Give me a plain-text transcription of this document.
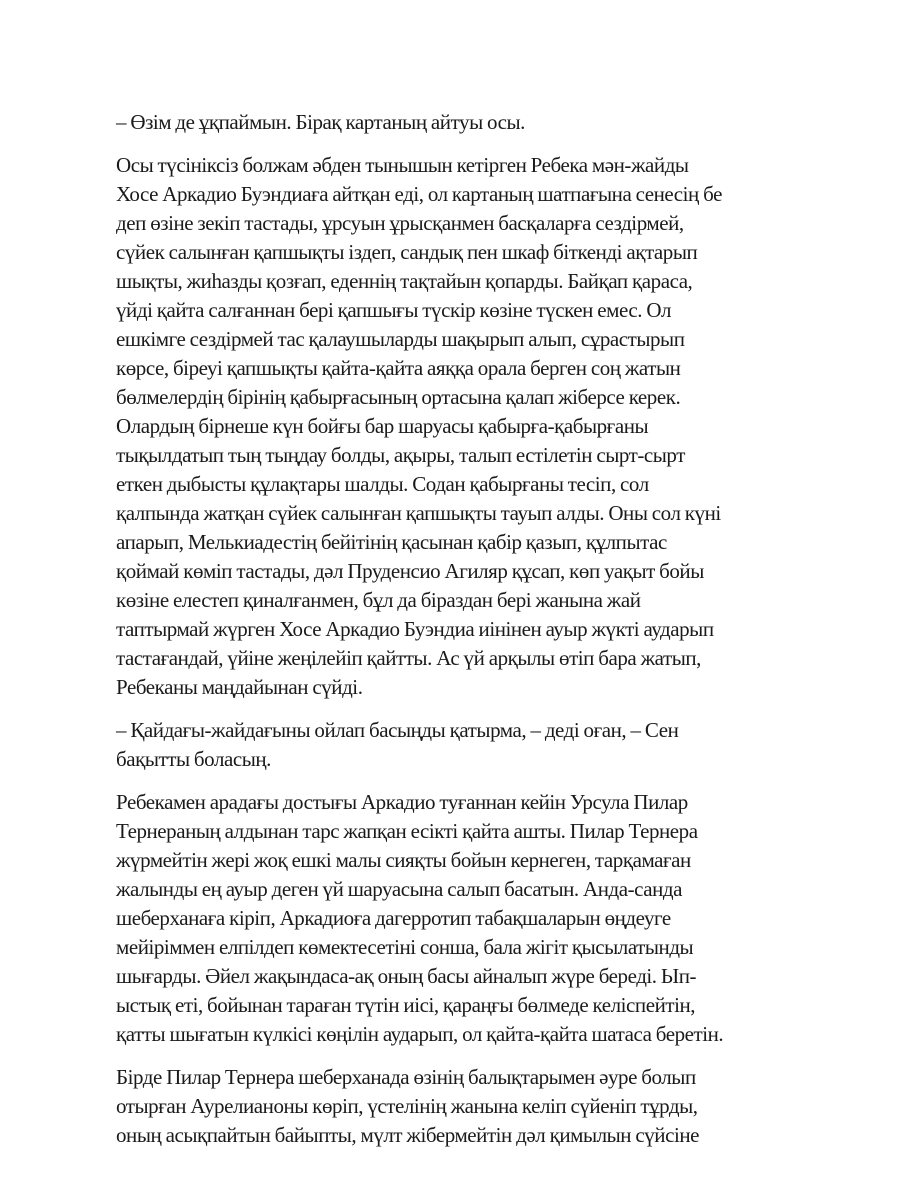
– Өзім де ұқпаймын. Бірақ картаның айтуы осы.

Осы түсініксіз болжам әбден тынышын кетірген Ребека мән-жайды
Хосе Аркадио Буэндиаға айтқан еді, ол картаның шатпағына сенесің бе
деп өзіне зекіп тастады, ұрсуын ұрысқанмен басқаларға сездірмей,
сүйек салынған қапшықты іздеп, сандық пен шкаф біткенді ақтарып
шықты, жиһазды қозғап, еденнің тақтайын қопарды. Байқап қараса,
үйді қайта салғаннан бері қапшығы түскір көзіне түскен емес. Ол
ешкімге сездірмей тас қалаушыларды шақырып алып, сұрастырып
көрсе, біреуі қапшықты қайта-қайта аяққа орала берген соң жатын
бөлмелердің бірінің қабырғасының ортасына қалап жіберсе керек.
Олардың бірнеше күн бойғы бар шаруасы қабырға-қабырғаны
тықылдатып тың тыңдау болды, ақыры, талып естілетін сырт-сырт
еткен дыбысты құлақтары шалды. Содан қабырғаны тесіп, сол
қалпында жатқан сүйек салынған қапшықты тауып алды. Оны сол күні
апарып, Мелькиадестің бейітінің қасынан қабір қазып, құлпытас
қоймай көміп тастады, дәл Пруденсио Агиляр құсап, көп уақыт бойы
көзіне елестеп қиналғанмен, бұл да біраздан бері жанына жай
таптырмай жүрген Хосе Аркадио Буэндиа иінінен ауыр жүкті аударып
тастағандай, үйіне жеңілейіп қайтты. Ас үй арқылы өтіп бара жатып,
Ребеканы маңдайынан сүйді.

– Қайдағы-жайдағыны ойлап басыңды қатырма, – деді оған, – Сен
бақытты боласың.

Ребекамен арадағы достығы Аркадио туғаннан кейін Урсула Пилар
Тернераның алдынан тарс жапқан есікті қайта ашты. Пилар Тернера
жүрмейтін жері жоқ ешкі малы сияқты бойын кернеген, тарқамаған
жалынды ең ауыр деген үй шаруасына салып басатын. Анда-санда
шеберханаға кіріп, Аркадиоға дагерротип табақшаларын өңдеуге
мейіріммен елпілдеп көмектесетіні сонша, бала жігіт қысылатынды
шығарды. Әйел жақындаса-ақ оның басы айналып жүре береді. Ып-
ыстық еті, бойынан тараған түтін иісі, қараңғы бөлмеде келіспейтін,
қатты шығатын күлкісі көңілін аударып, ол қайта-қайта шатаса беретін.

Бірде Пилар Тернера шеберханада өзінің балықтарымен әуре болып
отырған Аурелианоны көріп, үстелінің жанына келіп сүйеніп тұрды,
оның асықпайтын байыпты, мүлт жібермейтін дәл қимылын сүйсіне
